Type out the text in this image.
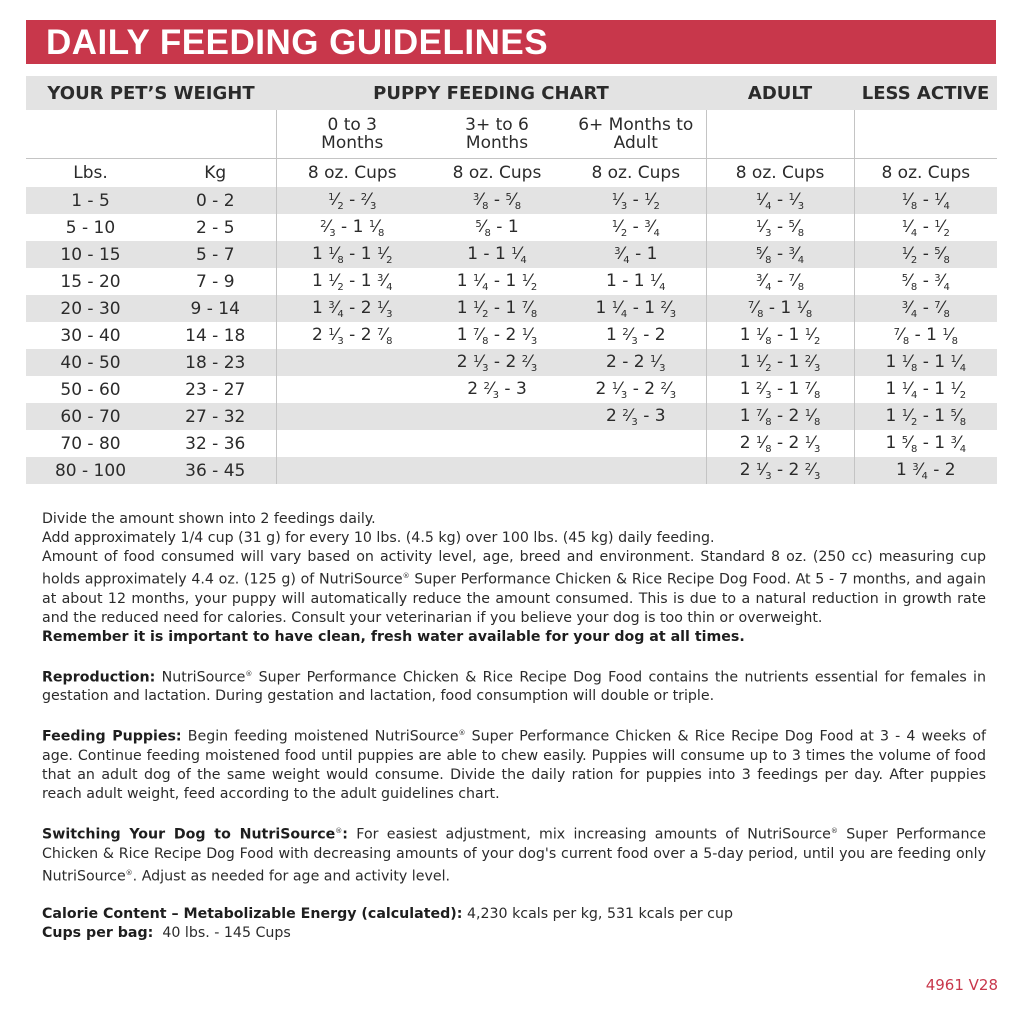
DAILY FEEDING GUIDELINES
YOUR PET’S WEIGHT		PUPPY FEEDING CHART			ADULT	LESS ACTIVE

		0 to 3 Months	3+ to 6 Months	6+ Months to Adult		

Lbs.	Kg	8 oz. Cups	8 oz. Cups	8 oz. Cups	8 oz. Cups	8 oz. Cups
1 - 5	0 - 2	$^1⁄_2$ - $^2⁄_3$	$^3⁄_8$ - $^5⁄_8$	$^1⁄_3$ - $^1⁄_2$	$^1⁄_4$ - $^1⁄_3$	$^1⁄_8$ - $^1⁄_4$
5 - 10	2 - 5	$^2⁄_3 - 1$ $^1⁄_8$	$^5⁄_8 - 1$	$^1⁄_2$ - $^3⁄_4$	$^1⁄_3$ - $^5⁄_8$	$^1⁄_4$ - $^1⁄_2$
10 - 15	5 - 7	1 $^1⁄_8 - 1$ $^1⁄_2$	1 - 1 $^1⁄_4$	$^3⁄_4 - 1$	$^5⁄_8$ - $^3⁄_4$	$^1⁄_2$ - $^5⁄_8$
15 - 20	7 - 9	1 $^1⁄_2 - 1$ $^3⁄_4$	1 $^1⁄_4 - 1$ $^1⁄_2$	1 - 1 $^1⁄_4$	$^3⁄_4$ - $^7⁄_8$	$^5⁄_8$ - $^3⁄_4$
20 - 30	9 - 14	1 $^3⁄_4 - 2$ $^1⁄_3$	1 $^1⁄_2 - 1$ $^7⁄_8$	1 $^1⁄_4 - 1$ $^2⁄_3$	$^7⁄_8 - 1$ $^1⁄_8$	$^3⁄_4$ - $^7⁄_8$
30 - 40	14 - 18	2 $^1⁄_3 - 2$ $^7⁄_8$	1 $^7⁄_8 - 2$ $^1⁄_3$	1 $^2⁄_3 - 2$	1 $^1⁄_8 - 1$ $^1⁄_2$	$^7⁄_8 - 1$ $^1⁄_8$
40 - 50	18 - 23		2 $^1⁄_3 - 2$ $^2⁄_3$	2 - 2 $^1⁄_3$	1 $^1⁄_2 - 1$ $^2⁄_3$	1 $^1⁄_8 - 1$ $^1⁄_4$
50 - 60	23 - 27		2 $^2⁄_3 - 3$	2 $^1⁄_3 - 2$ $^2⁄_3$	1 $^2⁄_3 - 1$ $^7⁄_8$	1 $^1⁄_4 - 1$ $^1⁄_2$
60 - 70	27 - 32			2 $^2⁄_3 - 3$	1 $^7⁄_8 - 2$ $^1⁄_8$	1 $^1⁄_2 - 1$ $^5⁄_8$
70 - 80	32 - 36				2 $^1⁄_8 - 2$ $^1⁄_3$	1 $^5⁄_8 - 1$ $^3⁄_4$
80 - 100	36 - 45				2 $^1⁄_3 - 2$ $^2⁄_3$	1 $^3⁄_4 - 2$

Divide the amount shown into 2 feedings daily.

Add approximately 1/4 cup (31 g) for every 10 lbs. (4.5 kg) over 100 lbs. (45 kg) daily feeding.

Amount of food consumed will vary based on activity level, age, breed and environment. Standard 8 oz. (250 cc) measuring cup holds approximately 4.4 oz. (125 g) of NutriSource® Super Performance Chicken & Rice Recipe Dog Food. At 5 - 7 months, and again at about 12 months, your puppy will automatically reduce the amount consumed. This is due to a natural reduction in growth rate and the reduced need for calories. Consult your veterinarian if you believe your dog is too thin or overweight.

Remember it is important to have clean, fresh water available for your dog at all times.

Reproduction: NutriSource® Super Performance Chicken & Rice Recipe Dog Food contains the nutrients essential for females in gestation and lactation. During gestation and lactation, food consumption will double or triple.

Feeding Puppies: Begin feeding moistened NutriSource® Super Performance Chicken & Rice Recipe Dog Food at 3 - 4 weeks of age. Continue feeding moistened food until puppies are able to chew easily. Puppies will consume up to 3 times the volume of food that an adult dog of the same weight would consume. Divide the daily ration for puppies into 3 feedings per day. After puppies reach adult weight, feed according to the adult guidelines chart.

Switching Your Dog to NutriSource®: For easiest adjustment, mix increasing amounts of NutriSource® Super Performance Chicken & Rice Recipe Dog Food with decreasing amounts of your dog's current food over a 5-day period, until you are feeding only NutriSource®. Adjust as needed for age and activity level.

Calorie Content – Metabolizable Energy (calculated): 4,230 kcals per kg, 531 kcals per cup

Cups per bag:  40 lbs. - 145 Cups

4961 V28
